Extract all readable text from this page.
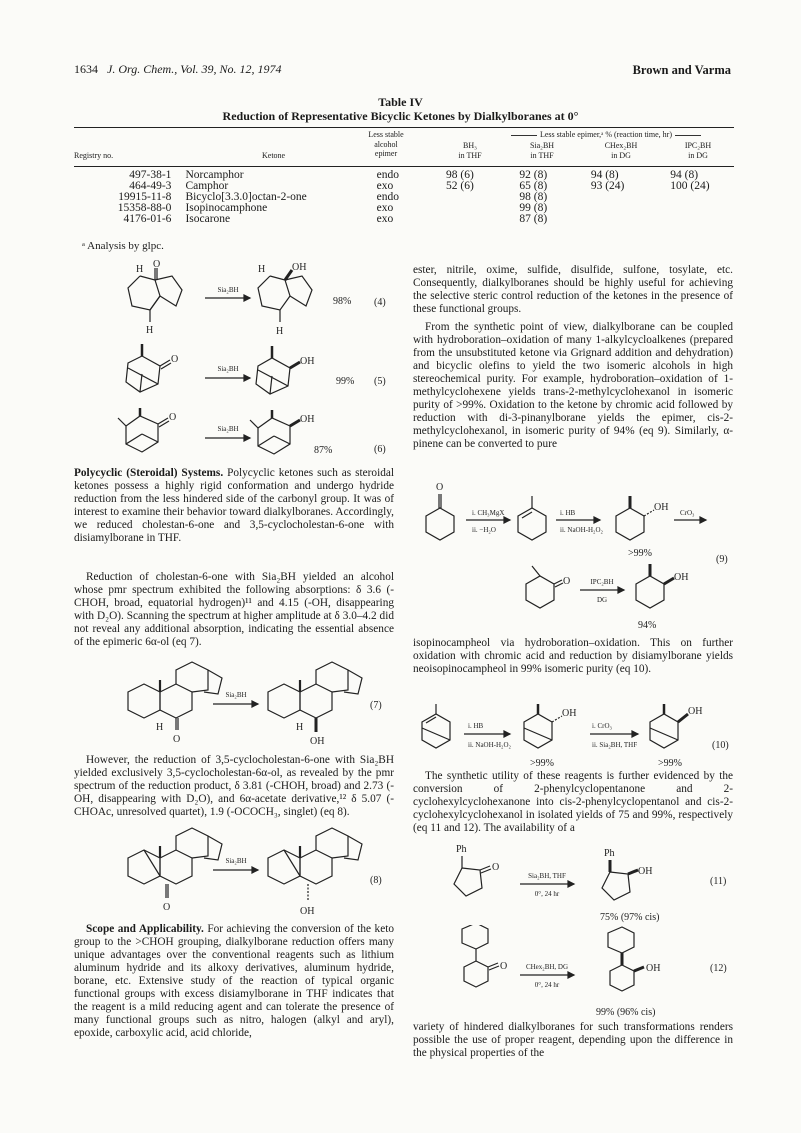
1634 J. Org. Chem., Vol. 39, No. 12, 1974	Brown and Varma
Table IV
Reduction of Representative Bicyclic Ketones by Dialkylboranes at 0°
Less stable epimer,ᵃ % (reaction time, hr)
Less stable
alcohol
epimer
Registry no.	Ketone
BH₃
in THF
Sia₂BH
in THF
CHex₂BH
in DG
IPC₂BH
in DG
497-38-1	Norcamphor	endo	98 (6)	92 (8)	94 (8)	94 (8)
464-49-3	Camphor	exo	52 (6)	65 (8)	93 (24)	100 (24)
19915-11-8	Bicyclo[3.3.0]octan-2-one	endo		98 (8)		
15358-88-0	Isopinocamphone	exo		99 (8)		
4176-01-6	Isocarone	exo		87 (8)		
ᵃ Analysis by glpc.
H O
H
Sia₂BH
H	OH
H
98% (4)
O
Sia₂BH
OH
99% (5)
O
Sia₂BH
OH
87%	(6)
Polycyclic (Steroidal) Systems. Polycyclic ketones such as steroidal ketones possess a highly rigid conformation and undergo hydride reduction from the less hindered side of the carbonyl group. It was of interest to examine their behavior toward dialkylboranes. Accordingly, we reduced cholestan-6-one and 3,5-cyclocholestan-6-one with disiamylborane in THF.
Reduction of cholestan-6-one with Sia₂BH yielded an alcohol whose pmr spectrum exhibited the following absorptions: δ 3.6 (-CHOH, broad, equatorial hydrogen)¹¹ and 4.15 (-OH, disappearing with D₂O). Scanning the spectrum at higher amplitude at δ 3.0–4.2 did not reveal any additional absorption, indicating the essential absence of the epimeric 6α-ol (eq 7).
H
O
Sia₂BH
H
OH
(7)
However, the reduction of 3,5-cyclocholestan-6-one with Sia₂BH yielded exclusively 3,5-cyclocholestan-6α-ol, as revealed by the pmr spectrum of the reduction product, δ 3.81 (-CHOH, broad) and 2.73 (-OH, disappearing with D₂O), and 6α-acetate derivative,¹² δ 5.07 (-CHOAc, unresolved quartet), 1.9 (-OCOCH₃, singlet) (eq 8).
O
Sia₂BH
OH
(8)
Scope and Applicability. For achieving the conversion of the keto group to the >CHOH grouping, dialkylborane reduction offers many unique advantages over the conventional reagents such as lithium aluminum hydride and its alkoxy derivatives, aluminum hydride, borane, etc. Extensive study of the reaction of typical organic functional groups with excess disiamylborane in THF indicates that the reagent is a mild reducing agent and can tolerate the presence of many functional groups such as nitro, halogen (alkyl and aryl), epoxide, carboxylic acid, acid chloride,
ester, nitrile, oxime, sulfide, disulfide, sulfone, tosylate, etc. Consequently, dialkylboranes should be highly useful for achieving the selective steric control reduction of the ketones in the presence of these functional groups.
From the synthetic point of view, dialkylborane can be coupled with hydroboration–oxidation of many 1-alkylcycloalkenes (prepared from the unsubstituted ketone via Grignard addition and dehydration) and bicyclic olefins to yield the two isomeric alcohols in high stereochemical purity. For example, hydroboration–oxidation of 1-methylcyclohexene yields trans-2-methylcyclohexanol in isomeric purity of >99%. Oxidation to the ketone by chromic acid followed by reduction with di-3-pinanylborane yields the epimer, cis-2-methylcyclohexanol, in isomeric purity of 94% (eq 9). Similarly, α-pinene can be converted to pure
O
i. CH₃MgX
ii. −H₂O
i. HB
ii. NaOH-H₂O₂
OH
>99%
CrO₃
(9)
O	IPC₂BH
DG
OH
94%
isopinocampheol via hydroboration–oxidation. This on further oxidation with chromic acid and reduction by disiamylborane yields neoisopinocampheol in 99% isomeric purity (eq 10).
i. HB
ii. NaOH-H₂O₂
OH
>99%
i. CrO₃
ii. Sia₂BH, THF
OH
>99%
(10)
The synthetic utility of these reagents is further evidenced by the conversion of 2-phenylcyclopentanone and 2-cyclohexylcyclohexanone into cis-2-phenylcyclopentanol and cis-2-cyclohexylcyclohexanol in isolated yields of 75 and 99%, respectively (eq 11 and 12). The availability of a
Ph
O
Sia₂BH, THF
0°, 24 hr
Ph
OH
75% (97% cis)
(11)
O	CHex₂BH, DG
0°, 24 hr
OH
99% (96% cis)
(12)
variety of hindered dialkylboranes for such transformations renders possible the use of proper reagent, depending upon the difference in the physical properties of the
